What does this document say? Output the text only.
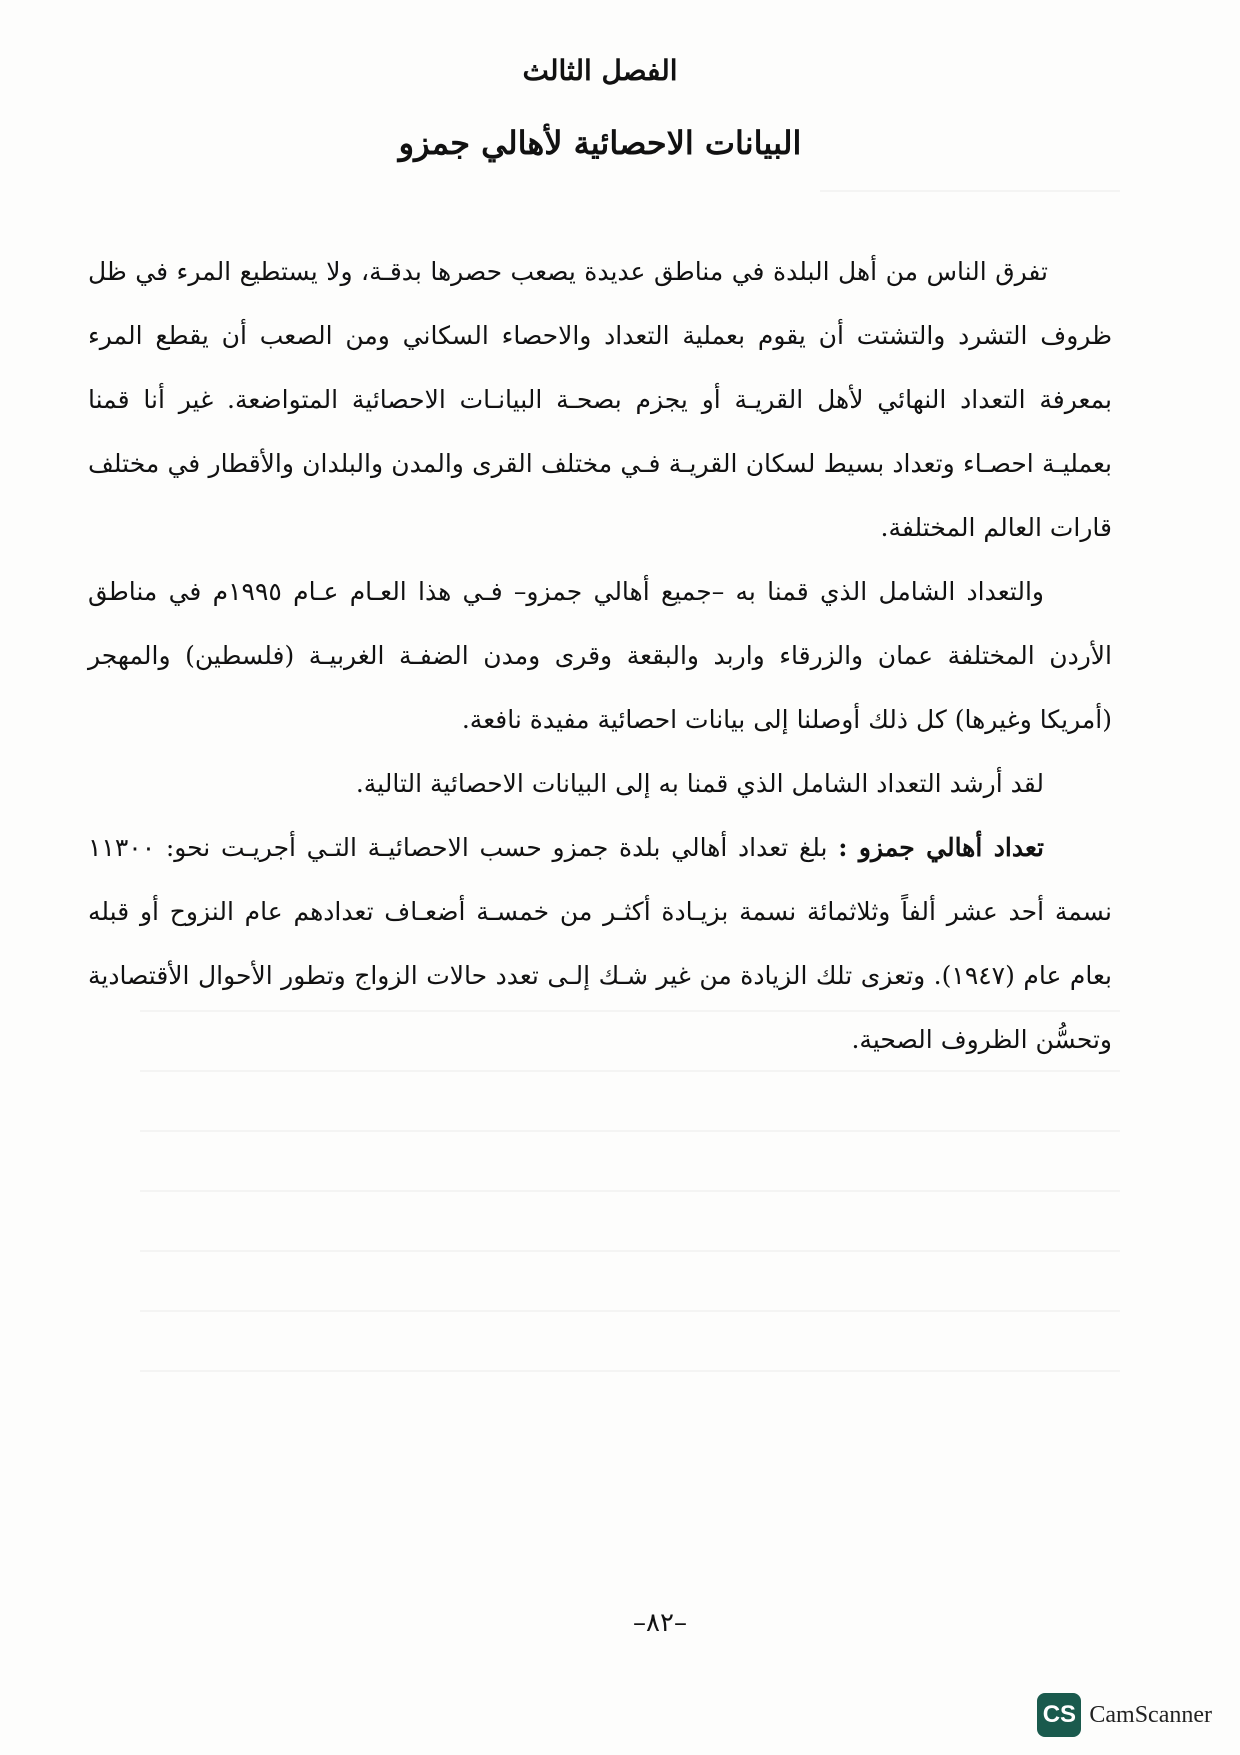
الفصل الثالث
البيانات الاحصائية لأهالي جمزو

تفرق الناس من أهل البلدة في مناطق عديدة يصعب حصرها بدقـة، ولا يستطيع المرء في ظل ظروف التشرد والتشتت أن يقوم بعملية التعداد والاحصاء السكاني ومن الصعب أن يقطع المرء بمعرفة التعداد النهائي لأهل القريـة أو يجزم بصحـة البيانـات الاحصائية المتواضعة. غير أنا قمنا بعمليـة احصـاء وتعداد بسيط لسكان القريـة فـي مختلف القرى والمدن والبلدان والأقطار في مختلف قارات العالم المختلفة.

والتعداد الشامل الذي قمنا به –جميع أهالي جمزو– فـي هذا العـام عـام ١٩٩٥م في مناطق الأردن المختلفة عمان والزرقاء واربد والبقعة وقرى ومدن الضفـة الغربيـة (فلسطين) والمهجر (أمريكا وغيرها) كل ذلك أوصلنا إلى بيانات احصائية مفيدة نافعة.

لقد أرشد التعداد الشامل الذي قمنا به إلى البيانات الاحصائية التالية.

تعداد أهالي جمزو : بلغ تعداد أهالي بلدة جمزو حسب الاحصائيـة التـي أجريـت نحو: ١١٣٠٠ نسمة أحد عشر ألفاً وثلاثمائة نسمة بزيـادة أكثـر من خمسـة أضعـاف تعدادهم عام النزوح أو قبله بعام عام (١٩٤٧). وتعزى تلك الزيادة من غير شـك إلـى تعدد حالات الزواج وتطور الأحوال الأقتصادية وتحسُّن الظروف الصحية.

–٨٢–
CS CamScanner
